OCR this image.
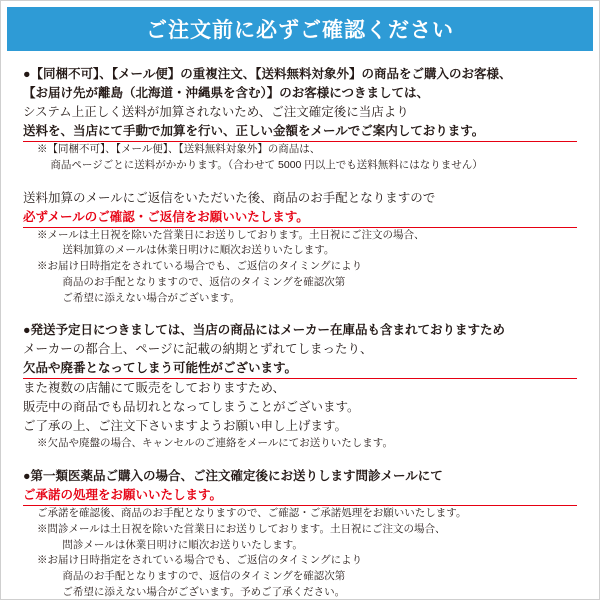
ご注文前に必ずご確認ください
●【同梱不可】、【メール便】の重複注文、【送料無料対象外】の商品をご購入のお客様、
【お届け先が離島（北海道・沖縄県を含む）】のお客様につきましては、
システム上正しく送料が加算されないため、ご注文確定後に当店より
送料を、当店にて手動で加算を行い、正しい金額をメールでご案内しております。
※【同梱不可】、【メール便】、【送料無料対象外】の商品は、
　 商品ページごとに送料がかかります。（合わせて 5000 円以上でも送料無料にはなりません）
送料加算のメールにご返信をいただいた後、商品のお手配となりますので
必ずメールのご確認・ご返信をお願いいたします。
※メールは土日祝を除いた営業日にお送りしております。土日祝にご注文の場合、
　 送料加算のメールは休業日明けに順次お送りいたします。
※お届け日時指定をされている場合でも、ご返信のタイミングにより
　 商品のお手配となりますので、返信のタイミングを確認次第
　 ご希望に添えない場合がございます。
●発送予定日につきましては、当店の商品にはメーカー在庫品も含まれておりますため
メーカーの都合上、ページに記載の納期とずれてしまったり、
欠品や廃番となってしまう可能性がございます。
また複数の店舗にて販売をしておりますため、
販売中の商品でも品切れとなってしまうことがございます。
ご了承の上、ご注文下さいますようお願い申し上げます。
※欠品や廃盤の場合、キャンセルのご連絡をメールにてお送りいたします。
●第一類医薬品ご購入の場合、ご注文確定後にお送りします問診メールにて
ご承諾の処理をお願いいたします。
ご承諾を確認後、商品のお手配となりますので、ご確認・ご承諾処理をお願いいたします。
※問診メールは土日祝を除いた営業日にお送りしております。土日祝にご注文の場合、
　 問診メールは休業日明けに順次お送りいたします。
※お届け日時指定をされている場合でも、ご返信のタイミングにより
　 商品のお手配となりますので、返信のタイミングを確認次第
　 ご希望に添えない場合がございます。予めご了承ください。
